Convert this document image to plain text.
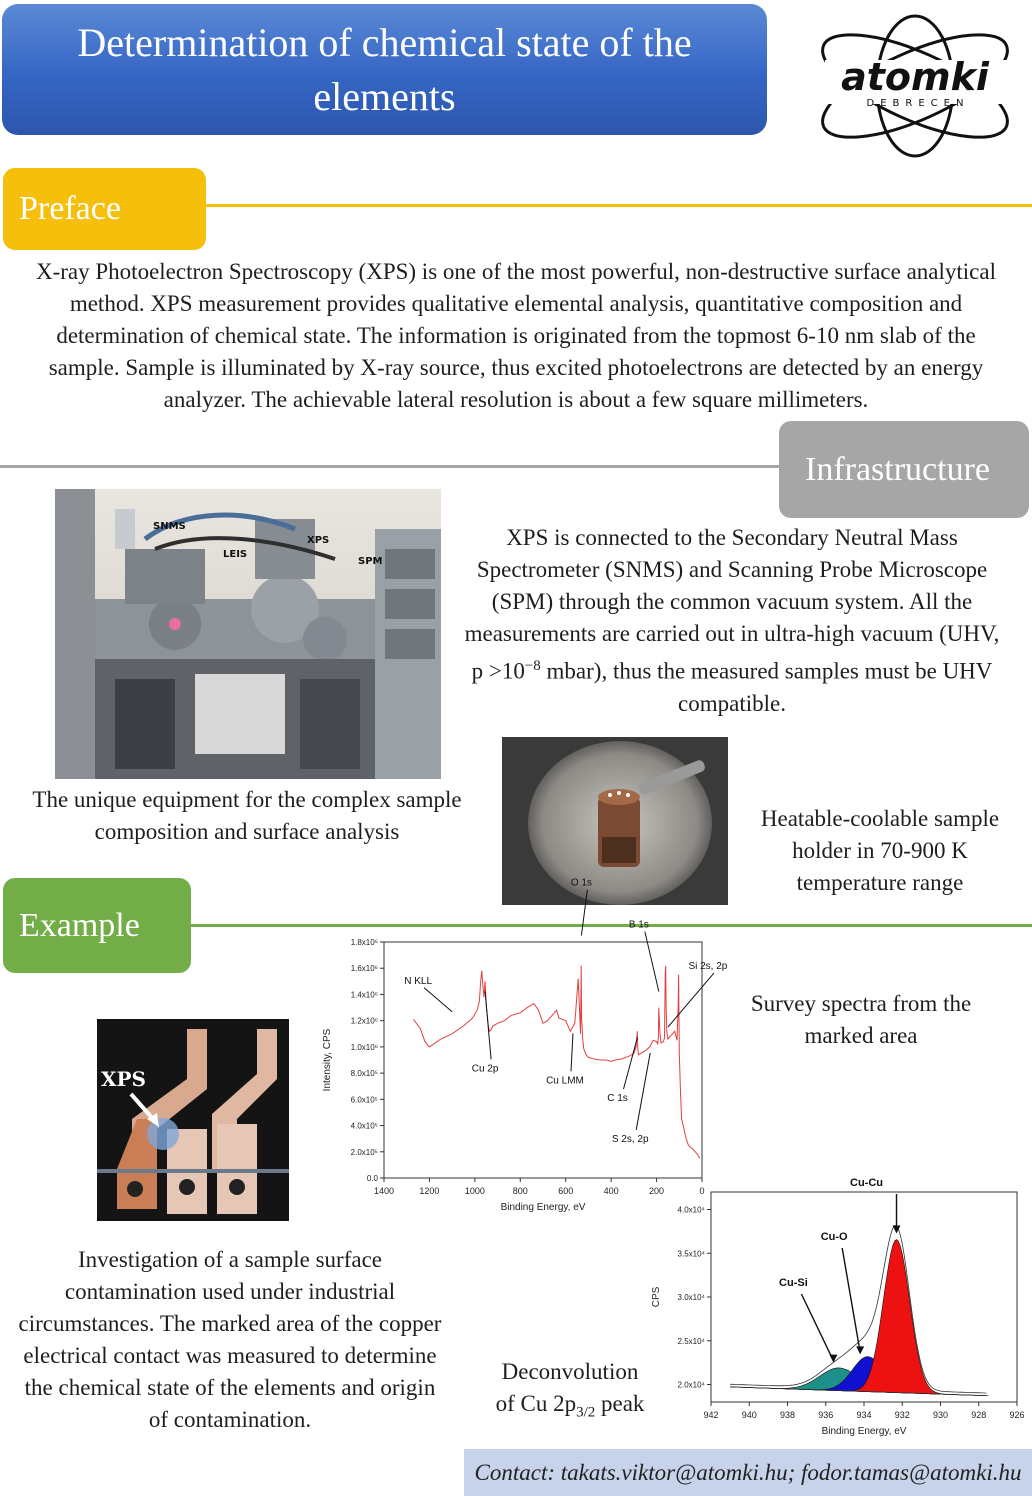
Determination of chemical state of the elements	atomki
DEBRECEN
Preface
X-ray Photoelectron Spectroscopy (XPS) is one of the most powerful, non-destructive surface analytical method. XPS measurement provides qualitative elemental analysis, quantitative composition and determination of chemical state. The information is originated from the topmost 6-10 nm slab of the sample. Sample is illuminated by X-ray source, thus excited photoelectrons are detected by an energy analyzer. The achievable lateral resolution is about a few square millimeters.
Infrastructure
SNMS
LEIS
XPS
SPM
XPS is connected to the Secondary Neutral Mass Spectrometer (SNMS) and Scanning Probe Microscope (SPM) through the common vacuum system. All the measurements are carried out in ultra-high vacuum (UHV, $p >10^{-8}$ mbar), thus the measured samples must be UHV compatible.
The unique equipment for the complex sample composition and surface analysis
Heatable-coolable sample holder in 70-900 K temperature range
Example
XPS
1400	1200	1000	800	600	400	200	0
0.0
2.0x10⁵
4.0x10⁵
6.0x10⁵
8.0x10⁵
1.0x10⁶
1.2x10⁶
1.4x10⁶
1.6x10⁶
1.8x10⁶
Binding Energy, eV
Intensity, CPS
N KLL
Cu 2p
O 1s
Cu LMM
B 1s
Si 2s, 2p
C 1s
S 2s, 2p
Survey spectra from the marked area
942	940	938	936	934	932	930	928	926
2.0x10⁴
2.5x10⁴
3.0x10⁴
3.5x10⁴
4.0x10⁴
Binding Energy, eV
CPS
Cu-Cu
Cu-O
Cu-Si
Investigation of a sample surface contamination used under industrial circumstances. The marked area of the copper electrical contact was measured to determine the chemical state of the elements and origin of contamination.
Deconvolution
of Cu $2p_{3/2}$ peak
Contact: takats.viktor@atomki.hu; fodor.tamas@atomki.hu
